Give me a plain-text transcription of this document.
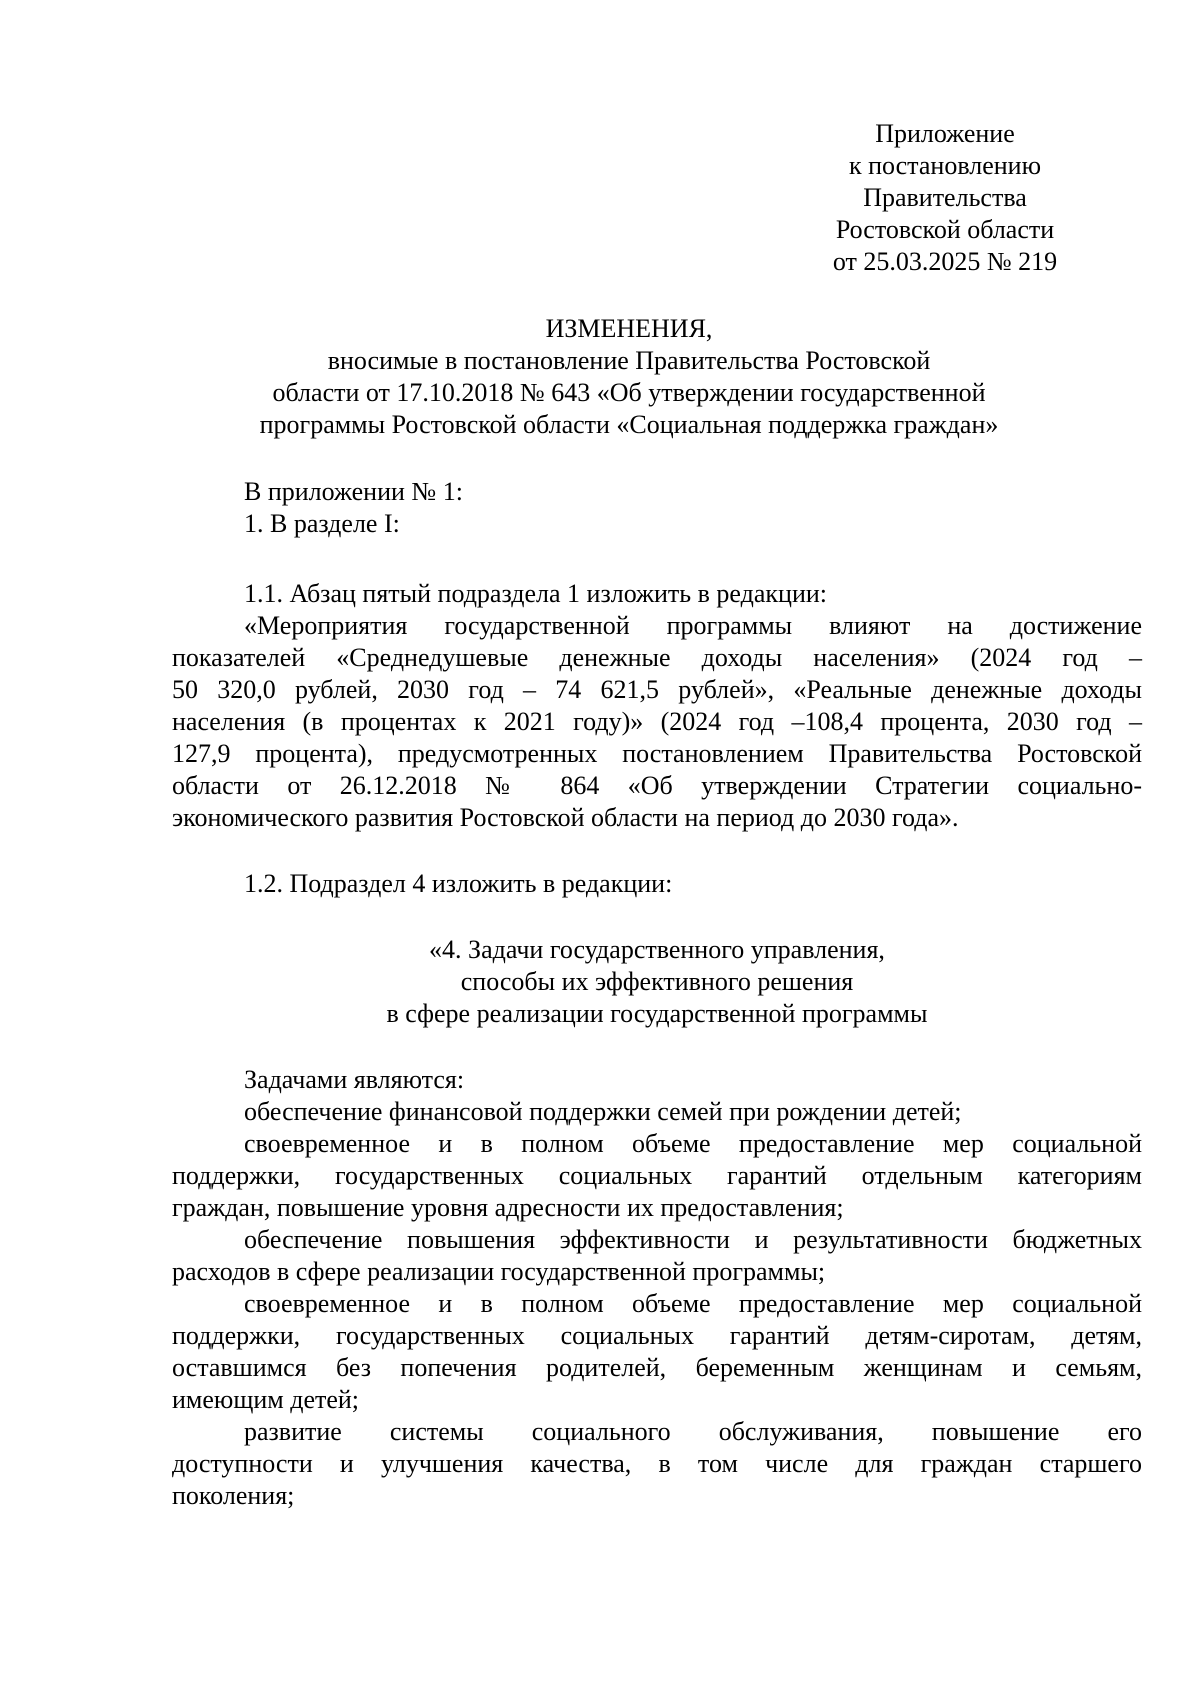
Приложение
к постановлению
Правительства
Ростовской области
от 25.03.2025 № 219
ИЗМЕНЕНИЯ,
вносимые в постановление Правительства Ростовской
области от 17.10.2018 № 643 «Об утверждении государственной
программы Ростовской области «Социальная поддержка граждан»
В приложении № 1:
1. В разделе I:
1.1. Абзац пятый подраздела 1 изложить в редакции:
«Мероприятия государственной программы влияют на достижение
показателей «Среднедушевые денежные доходы населения» (2024 год –
50 320,0 рублей, 2030 год – 74 621,5 рублей», «Реальные денежные доходы
населения (в процентах к 2021 году)» (2024 год –108,4 процента, 2030 год –
127,9 процента), предусмотренных постановлением Правительства Ростовской
области от 26.12.2018 № 864 «Об утверждении Стратегии социально-
экономического развития Ростовской области на период до 2030 года».
1.2. Подраздел 4 изложить в редакции:
«4. Задачи государственного управления,
способы их эффективного решения
в сфере реализации государственной программы
Задачами являются:
обеспечение финансовой поддержки семей при рождении детей;
своевременное и в полном объеме предоставление мер социальной
поддержки, государственных социальных гарантий отдельным категориям
граждан, повышение уровня адресности их предоставления;
обеспечение повышения эффективности и результативности бюджетных
расходов в сфере реализации государственной программы;
своевременное и в полном объеме предоставление мер социальной
поддержки, государственных социальных гарантий детям-сиротам, детям,
оставшимся без попечения родителей, беременным женщинам и семьям,
имеющим детей;
развитие системы социального обслуживания, повышение его
доступности и улучшения качества, в том числе для граждан старшего
поколения;
